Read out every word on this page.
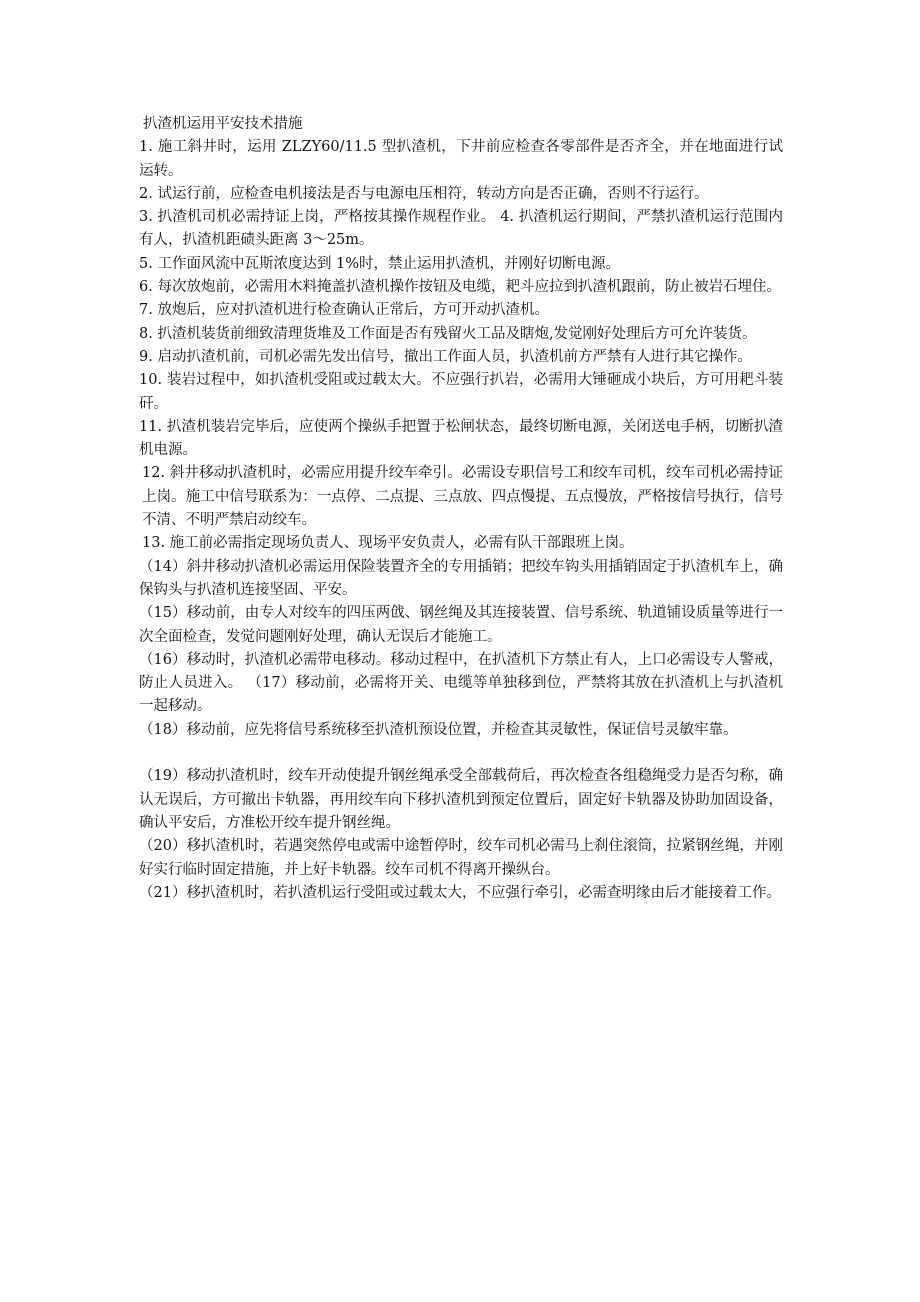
扒渣机运用平安技术措施

1. 施工斜井时，运用 ZLZY60/11.5 型扒渣机，下井前应检查各零部件是否齐全，并在地面进行试运转。

2. 试运行前，应检查电机接法是否与电源电压相符，转动方向是否正确，否则不行运行。

3. 扒渣机司机必需持证上岗，严格按其操作规程作业。 4. 扒渣机运行期间，严禁扒渣机运行范围内有人，扒渣机距碛头距离 3～25m。

5. 工作面风流中瓦斯浓度达到 1%时，禁止运用扒渣机，并刚好切断电源。

6. 每次放炮前，必需用木料掩盖扒渣机操作按钮及电缆，耙斗应拉到扒渣机跟前，防止被岩石埋住。

7. 放炮后，应对扒渣机进行检查确认正常后，方可开动扒渣机。

8. 扒渣机装货前细致清理货堆及工作面是否有残留火工品及瞎炮,发觉刚好处理后方可允许装货。

9. 启动扒渣机前，司机必需先发出信号，撤出工作面人员，扒渣机前方严禁有人进行其它操作。

10. 装岩过程中，如扒渣机受阻或过载太大。不应强行扒岩，必需用大锤砸成小块后，方可用耙斗装矸。

11. 扒渣机装岩完毕后，应使两个操纵手把置于松闸状态，最终切断电源，关闭送电手柄，切断扒渣机电源。

12. 斜井移动扒渣机时，必需应用提升绞车牵引。必需设专职信号工和绞车司机，绞车司机必需持证上岗。施工中信号联系为：一点停、二点提、三点放、四点慢提、五点慢放，严格按信号执行，信号不清、不明严禁启动绞车。

13. 施工前必需指定现场负责人、现场平安负责人，必需有队干部跟班上岗。

（14）斜井移动扒渣机必需运用保险装置齐全的专用插销；把绞车钩头用插销固定于扒渣机车上，确保钩头与扒渣机连接坚固、平安。

（15）移动前，由专人对绞车的四压两戗、钢丝绳及其连接装置、信号系统、轨道铺设质量等进行一次全面检查，发觉问题刚好处理，确认无误后才能施工。

（16）移动时，扒渣机必需带电移动。移动过程中，在扒渣机下方禁止有人，上口必需设专人警戒，防止人员进入。 （17）移动前，必需将开关、电缆等单独移到位，严禁将其放在扒渣机上与扒渣机一起移动。

（18）移动前，应先将信号系统移至扒渣机预设位置，并检查其灵敏性，保证信号灵敏牢靠。

（19）移动扒渣机时，绞车开动使提升钢丝绳承受全部载荷后，再次检查各组稳绳受力是否匀称，确认无误后，方可撤出卡轨器，再用绞车向下移扒渣机到预定位置后，固定好卡轨器及协助加固设备，确认平安后，方准松开绞车提升钢丝绳。

（20）移扒渣机时，若遇突然停电或需中途暂停时，绞车司机必需马上刹住滚筒，拉紧钢丝绳，并刚好实行临时固定措施，并上好卡轨器。绞车司机不得离开操纵台。

（21）移扒渣机时，若扒渣机运行受阻或过载太大，不应强行牵引，必需查明缘由后才能接着工作。
